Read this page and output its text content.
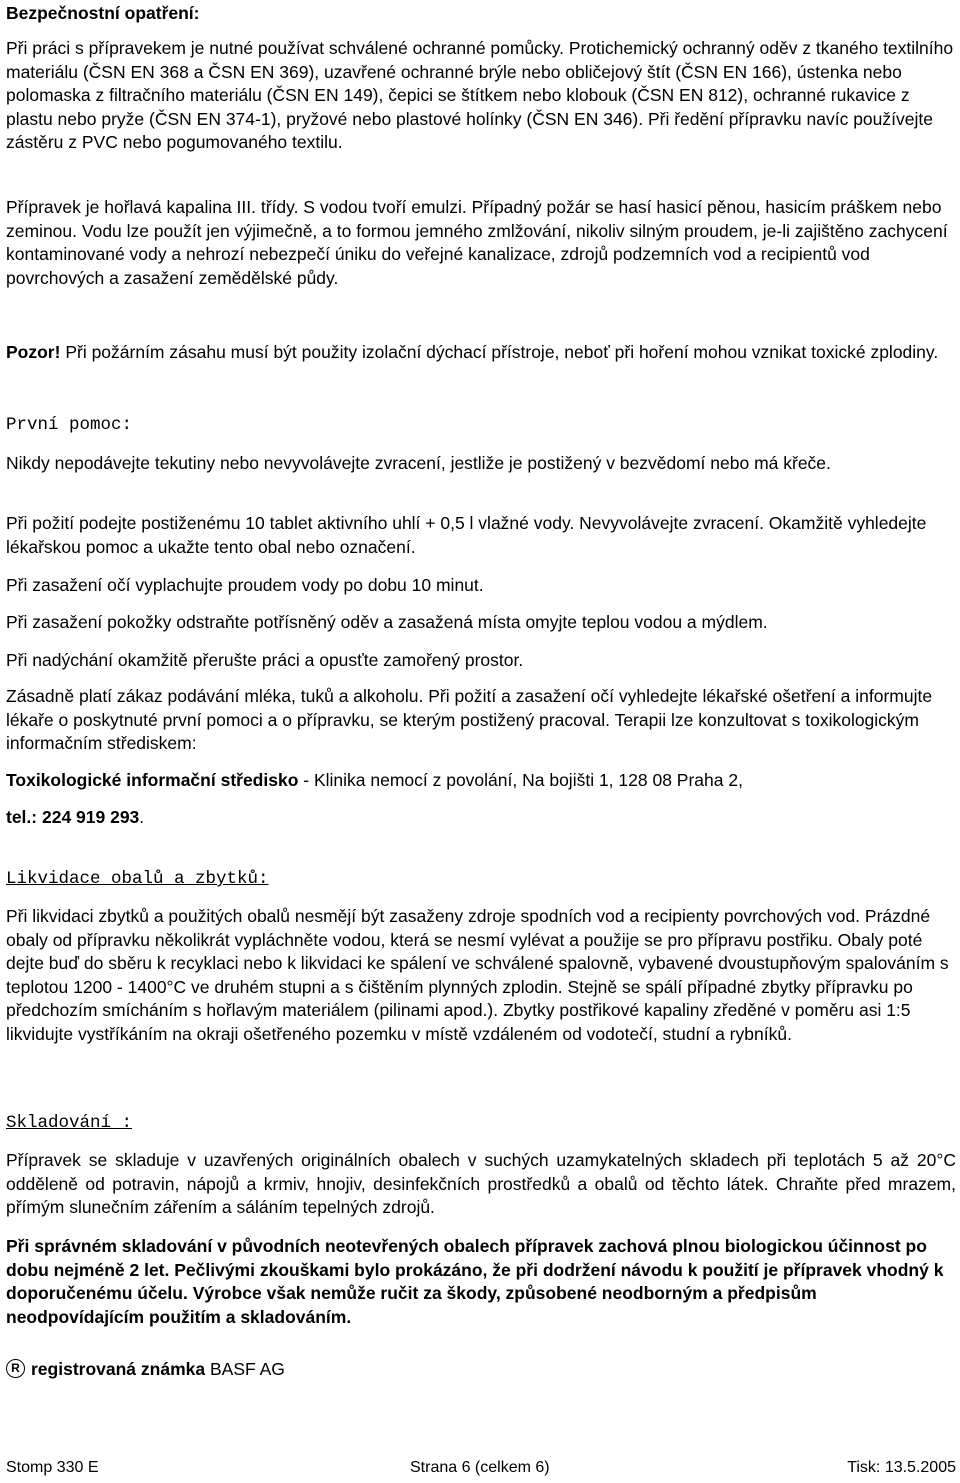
Bezpečnostní opatření:

Při práci s přípravekem je nutné používat schválené ochranné pomůcky. Protichemický ochranný oděv z tkaného textilního materiálu (ČSN EN 368 a ČSN EN 369), uzavřené ochranné brýle nebo obličejový štít (ČSN EN 166), ústenka nebo polomaska z filtračního materiálu (ČSN EN 149), čepici se štítkem nebo klobouk (ČSN EN 812), ochranné rukavice z plastu nebo pryže (ČSN EN 374-1), pryžové nebo plastové holínky (ČSN EN 346). Při ředění přípravku navíc používejte zástěru z PVC nebo pogumovaného textilu.

Přípravek je hořlavá kapalina III. třídy. S vodou tvoří emulzi. Případný požár se hasí hasicí pěnou, hasicím práškem nebo zeminou. Vodu lze použít jen výjimečně, a to formou jemného zmlžování, nikoliv silným proudem, je-li zajištěno zachycení kontaminované vody a nehrozí nebezpečí úniku do veřejné kanalizace, zdrojů podzemních vod a recipientů vod povrchových a zasažení zemědělské půdy.

Pozor! Při požárním zásahu musí být použity izolační dýchací přístroje, neboť při hoření mohou vznikat toxické zplodiny.

První pomoc:

Nikdy nepodávejte tekutiny nebo nevyvolávejte zvracení, jestliže je postižený v bezvědomí nebo má křeče.

Při požití podejte postiženému 10 tablet aktivního uhlí + 0,5 l vlažné vody. Nevyvolávejte zvracení. Okamžitě vyhledejte lékařskou pomoc a ukažte tento obal nebo označení.

Při zasažení očí vyplachujte proudem vody po dobu 10 minut.

Při zasažení pokožky odstraňte potřísněný oděv a zasažená místa omyjte teplou vodou a mýdlem.

Při nadýchání okamžitě přerušte práci a opusťte zamořený prostor.

Zásadně platí zákaz podávání mléka, tuků a alkoholu. Při požití a zasažení očí vyhledejte lékařské ošetření a informujte lékaře o poskytnuté první pomoci a o přípravku, se kterým postižený pracoval. Terapii lze konzultovat s toxikologickým informačním střediskem:

Toxikologické informační středisko - Klinika nemocí z povolání, Na bojišti 1, 128 08 Praha 2,

tel.: 224 919 293.

Likvidace obalů a zbytků:

Při likvidaci zbytků a použitých obalů nesmějí být zasaženy zdroje spodních vod a recipienty povrchových vod. Prázdné obaly od přípravku několikrát vypláchněte vodou, která se nesmí vylévat a použije se pro přípravu postřiku. Obaly poté dejte buď do sběru k recyklaci nebo k likvidaci ke spálení ve schválené spalovně, vybavené dvoustupňovým spalováním s teplotou 1200 - 1400°C ve druhém stupni a s čištěním plynných zplodin. Stejně se spálí případné zbytky přípravku po předchozím smícháním s hořlavým materiálem (pilinami apod.). Zbytky postřikové kapaliny zředěné v poměru asi 1:5 likvidujte vystříkáním na okraji ošetřeného pozemku v místě vzdáleném od vodotečí, studní a rybníků.

Skladování :

Přípravek se skladuje v uzavřených originálních obalech v suchých uzamykatelných skladech při teplotách 5 až 20°C odděleně od potravin, nápojů a krmiv, hnojiv, desinfekčních prostředků a obalů od těchto látek. Chraňte před mrazem, přímým slunečním zářením a sáláním tepelných zdrojů.

Při správném skladování v původních neotevřených obalech přípravek zachová plnou biologickou účinnost po dobu nejméně 2 let. Pečlivými zkouškami bylo prokázáno, že při dodržení návodu k použití je přípravek vhodný k doporučenému účelu. Výrobce však nemůže ručit za škody, způsobené neodborným a předpisům neodpovídajícím použitím a skladováním.

R registrovaná známka BASF AG

Stomp 330 E	Strana 6 (celkem 6)	Tisk: 13.5.2005
